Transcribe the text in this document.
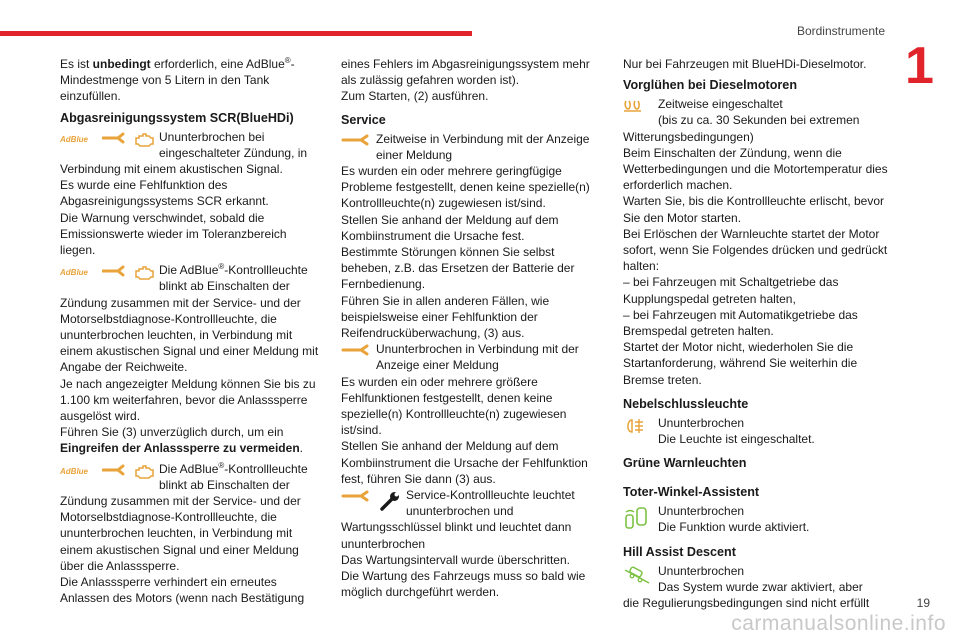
Bordinstrumente
1

Es ist unbedingt erforderlich, eine AdBlue®-Mindestmenge von 5 Litern in den Tank einzufüllen.

Abgasreinigungssystem SCR(BlueHDi)
AdBlue	Ununterbrochen bei eingeschalteter Zündung, in

Verbindung mit einem akustischen Signal.
Es wurde eine Fehlfunktion des Abgasreinigungssystems SCR erkannt.
Die Warnung verschwindet, sobald die Emissionswerte wieder im Toleranzbereich liegen.

AdBlue	Die AdBlue®-Kontrollleuchte blinkt ab Einschalten der

Zündung zusammen mit der Service- und der Motorselbstdiagnose-Kontrollleuchte, die ununterbrochen leuchten, in Verbindung mit einem akustischen Signal und einer Meldung mit Angabe der Reichweite.
Je nach angezeigter Meldung können Sie bis zu 1.100 km weiterfahren, bevor die Anlasssperre ausgelöst wird.
Führen Sie (3) unverzüglich durch, um ein Eingreifen der Anlasssperre zu vermeiden.

AdBlue	Die AdBlue®-Kontrollleuchte blinkt ab Einschalten der

Zündung zusammen mit der Service- und der Motorselbstdiagnose-Kontrollleuchte, die ununterbrochen leuchten, in Verbindung mit einem akustischen Signal und einer Meldung über die Anlasssperre.
Die Anlasssperre verhindert ein erneutes Anlassen des Motors (wenn nach Bestätigung

eines Fehlers im Abgasreinigungssystem mehr als zulässig gefahren worden ist).
Zum Starten, (2) ausführen.

Service

Zeitweise in Verbindung mit der Anzeige einer Meldung

Es wurden ein oder mehrere geringfügige Probleme festgestellt, denen keine spezielle(n) Kontrollleuchte(n) zugewiesen ist/sind.
Stellen Sie anhand der Meldung auf dem Kombiinstrument die Ursache fest.
Bestimmte Störungen können Sie selbst beheben, z.B. das Ersetzen der Batterie der Fernbedienung.
Führen Sie in allen anderen Fällen, wie beispielsweise einer Fehlfunktion der Reifendrucküberwachung, (3) aus.

Ununterbrochen in Verbindung mit der Anzeige einer Meldung

Es wurden ein oder mehrere größere Fehlfunktionen festgestellt, denen keine spezielle(n) Kontrollleuchte(n) zugewiesen ist/sind.
Stellen Sie anhand der Meldung auf dem Kombiinstrument die Ursache der Fehlfunktion fest, führen Sie dann (3) aus.

Service-Kontrollleuchte leuchtet ununterbrochen und

Wartungsschlüssel blinkt und leuchtet dann ununterbrochen
Das Wartungsintervall wurde überschritten.
Die Wartung des Fahrzeugs muss so bald wie möglich durchgeführt werden.

Nur bei Fahrzeugen mit BlueHDi-Dieselmotor.

Vorglühen bei Dieselmotoren

Zeitweise eingeschaltet
(bis zu ca. 30 Sekunden bei extremen

Witterungsbedingungen)
Beim Einschalten der Zündung, wenn die Wetterbedingungen und die Motortemperatur dies erforderlich machen.
Warten Sie, bis die Kontrollleuchte erlischt, bevor Sie den Motor starten.
Bei Erlöschen der Warnleuchte startet der Motor sofort, wenn Sie Folgendes drücken und gedrückt halten:
– bei Fahrzeugen mit Schaltgetriebe das Kupplungspedal getreten halten,
– bei Fahrzeugen mit Automatikgetriebe das Bremspedal getreten halten.
Startet der Motor nicht, wiederholen Sie die Startanforderung, während Sie weiterhin die Bremse treten.

Nebelschlussleuchte

Ununterbrochen
Die Leuchte ist eingeschaltet.

Grüne Warnleuchten
Toter-Winkel-Assistent

Ununterbrochen
Die Funktion wurde aktiviert.

Hill Assist Descent

Ununterbrochen
Das System wurde zwar aktiviert, aber

die Regulierungsbedingungen sind nicht erfüllt

carmanualsonline.info
19
